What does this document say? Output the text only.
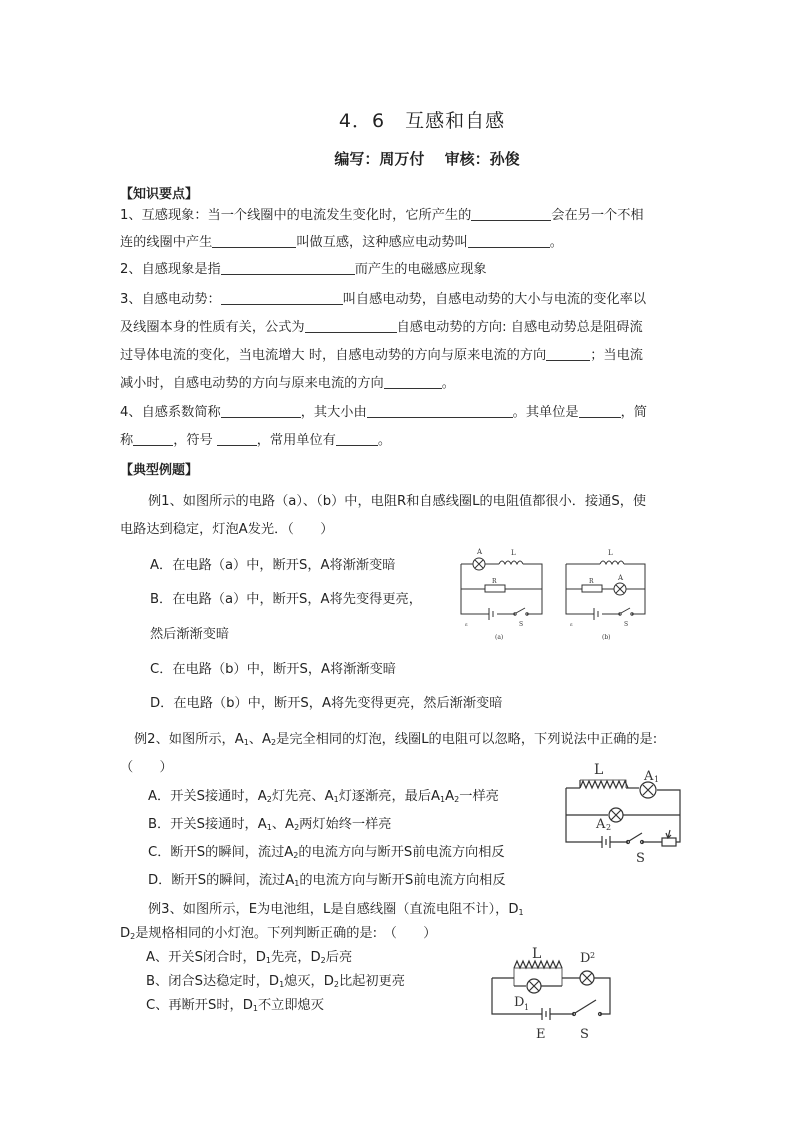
4．6　互感和自感
编写：周万付　 审核：孙俊
【知识要点】
1、互感现象：当一个线圈中的电流发生变化时，它所产生的	会在另一个不相
连的线圈中产生	叫做互感，这种感应电动势叫	。
2、自感现象是指	而产生的电磁感应现象
3、自感电动势：	叫自感电动势，自感电动势的大小与电流的变化率以
及线圈本身的性质有关，公式为	自感电动势的方向: 自感电动势总是阻碍流
过导体电流的变化，当电流增大 时，自感电动势的方向与原来电流的方向	；当电流
减小时，自感电动势的方向与原来电流的方向	。
4、自感系数简称	，其大小由	。其单位是	，简
称	，符号	，常用单位有	。
【典型例题】
例1、如图所示的电路（a）、（b）中，电阻R和自感线圈L的电阻值都很小．接通S，使
电路达到稳定，灯泡A发光．（　　）
A．在电路（a）中，断开S，A将渐渐变暗
B．在电路（a）中，断开S，A将先变得更亮，
然后渐渐变暗
C．在电路（b）中，断开S，A将渐渐变暗
D．在电路（b）中，断开S，A将先变得更亮，然后渐渐变暗
A	L
R
S
ε
(a)
L
R	A
S
ε
(b)
例2、如图所示，$A_1$、$A_2$是完全相同的灯泡，线圈L的电阻可以忽略，下列说法中正确的是:
（　　）
A．开关S接通时，$A_2$灯先亮、$A_1$灯逐渐亮，最后$A_1A_2$一样亮
B．开关S接通时，$A_1$、$A_2$两灯始终一样亮
C．断开S的瞬间，流过$A_2$的电流方向与断开S前电流方向相反
D．断开S的瞬间，流过$A_1$的电流方向与断开S前电流方向相反
L	A 1
A 2
S
例3、如图所示，E为电池组，L是自感线圈（直流电阻不计），$D_1$
$D_2$是规格相同的小灯泡。下列判断正确的是:　（　　）
A、开关S闭合时，$D_1$先亮，$D_2$后亮
B、闭合S达稳定时，$D_1$熄灭，$D_2$比起初更亮
C、再断开S时，$D_1$不立即熄灭
L	D 2
D 1
E	S
